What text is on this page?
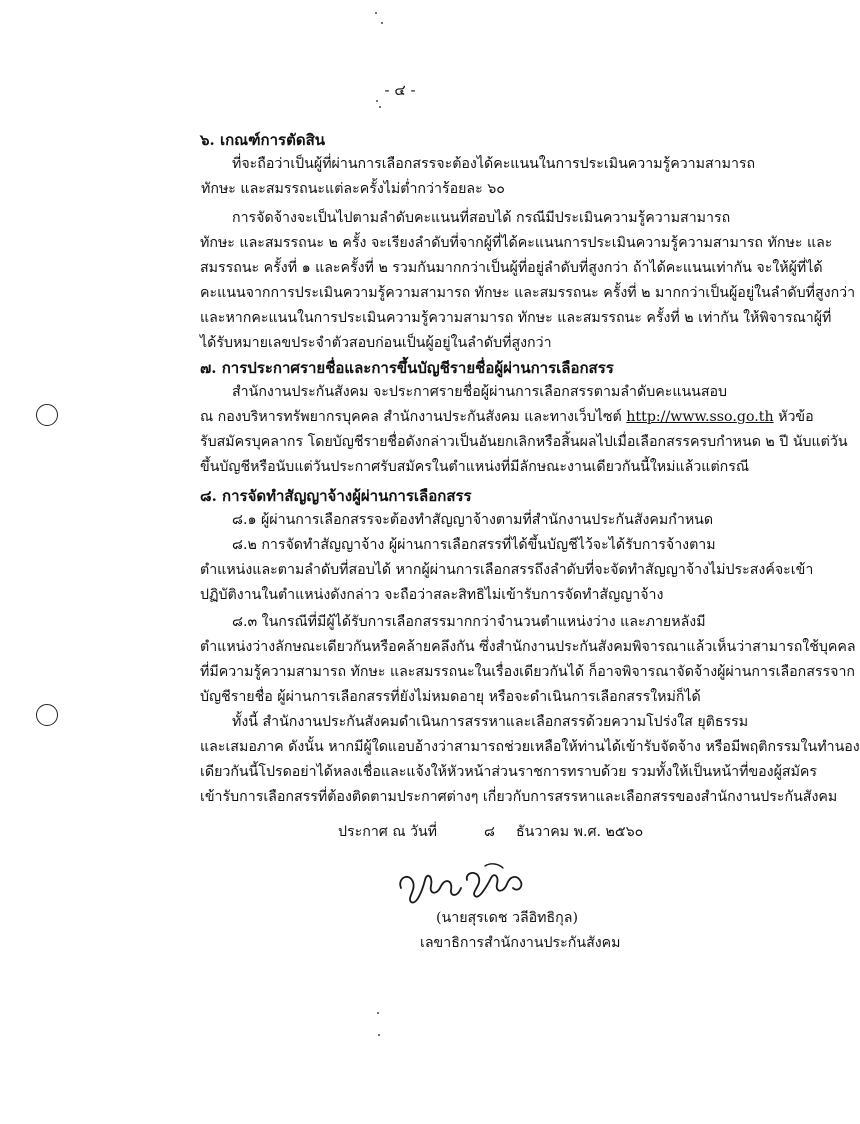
- ๔ -
๖. เกณฑ์การตัดสิน
ที่จะถือว่าเป็นผู้ที่ผ่านการเลือกสรรจะต้องได้คะแนนในการประเมินความรู้ความสามารถ
ทักษะ และสมรรถนะแต่ละครั้งไม่ต่ำกว่าร้อยละ ๖๐
การจัดจ้างจะเป็นไปตามลำดับคะแนนที่สอบได้ กรณีมีประเมินความรู้ความสามารถ
ทักษะ และสมรรถนะ ๒ ครั้ง จะเรียงลำดับที่จากผู้ที่ได้คะแนนการประเมินความรู้ความสามารถ ทักษะ และ
สมรรถนะ ครั้งที่ ๑ และครั้งที่ ๒ รวมกันมากกว่าเป็นผู้ที่อยู่ลำดับที่สูงกว่า ถ้าได้คะแนนเท่ากัน จะให้ผู้ที่ได้
คะแนนจากการประเมินความรู้ความสามารถ ทักษะ และสมรรถนะ ครั้งที่ ๒ มากกว่าเป็นผู้อยู่ในลำดับที่สูงกว่า
และหากคะแนนในการประเมินความรู้ความสามารถ ทักษะ และสมรรถนะ ครั้งที่ ๒ เท่ากัน ให้พิจารณาผู้ที่
ได้รับหมายเลขประจำตัวสอบก่อนเป็นผู้อยู่ในลำดับที่สูงกว่า
๗. การประกาศรายชื่อและการขึ้นบัญชีรายชื่อผู้ผ่านการเลือกสรร
สำนักงานประกันสังคม จะประกาศรายชื่อผู้ผ่านการเลือกสรรตามลำดับคะแนนสอบ
ณ กองบริหารทรัพยากรบุคคล สำนักงานประกันสังคม และทางเว็บไซต์ http://www.sso.go.th หัวข้อ
รับสมัครบุคลากร โดยบัญชีรายชื่อดังกล่าวเป็นอันยกเลิกหรือสิ้นผลไปเมื่อเลือกสรรครบกำหนด ๒ ปี นับแต่วัน
ขึ้นบัญชีหรือนับแต่วันประกาศรับสมัครในตำแหน่งที่มีลักษณะงานเดียวกันนี้ใหม่แล้วแต่กรณี
๘. การจัดทำสัญญาจ้างผู้ผ่านการเลือกสรร
๘.๑ ผู้ผ่านการเลือกสรรจะต้องทำสัญญาจ้างตามที่สำนักงานประกันสังคมกำหนด
๘.๒ การจัดทำสัญญาจ้าง ผู้ผ่านการเลือกสรรที่ได้ขึ้นบัญชีไว้จะได้รับการจ้างตาม
ตำแหน่งและตามลำดับที่สอบได้ หากผู้ผ่านการเลือกสรรถึงลำดับที่จะจัดทำสัญญาจ้างไม่ประสงค์จะเข้า
ปฏิบัติงานในตำแหน่งดังกล่าว จะถือว่าสละสิทธิไม่เข้ารับการจัดทำสัญญาจ้าง
๘.๓ ในกรณีที่มีผู้ได้รับการเลือกสรรมากกว่าจำนวนตำแหน่งว่าง และภายหลังมี
ตำแหน่งว่างลักษณะเดียวกันหรือคล้ายคลึงกัน ซึ่งสำนักงานประกันสังคมพิจารณาแล้วเห็นว่าสามารถใช้บุคคล
ที่มีความรู้ความสามารถ ทักษะ และสมรรถนะในเรื่องเดียวกันได้ ก็อาจพิจารณาจัดจ้างผู้ผ่านการเลือกสรรจาก
บัญชีรายชื่อ ผู้ผ่านการเลือกสรรที่ยังไม่หมดอายุ หรือจะดำเนินการเลือกสรรใหม่ก็ได้
ทั้งนี้ สำนักงานประกันสังคมดำเนินการสรรหาและเลือกสรรด้วยความโปร่งใส ยุติธรรม
และเสมอภาค ดังนั้น หากมีผู้ใดแอบอ้างว่าสามารถช่วยเหลือให้ท่านได้เข้ารับจัดจ้าง หรือมีพฤติกรรมในทำนอง
เดียวกันนี้โปรดอย่าได้หลงเชื่อและแจ้งให้หัวหน้าส่วนราชการทราบด้วย รวมทั้งให้เป็นหน้าที่ของผู้สมัคร
เข้ารับการเลือกสรรที่ต้องติดตามประกาศต่างๆ เกี่ยวกับการสรรหาและเลือกสรรของสำนักงานประกันสังคม
ประกาศ ณ วันที่	๘ ธันวาคม พ.ศ. ๒๕๖๐
(นายสุรเดช วลีอิทธิกุล)
เลขาธิการสำนักงานประกันสังคม
